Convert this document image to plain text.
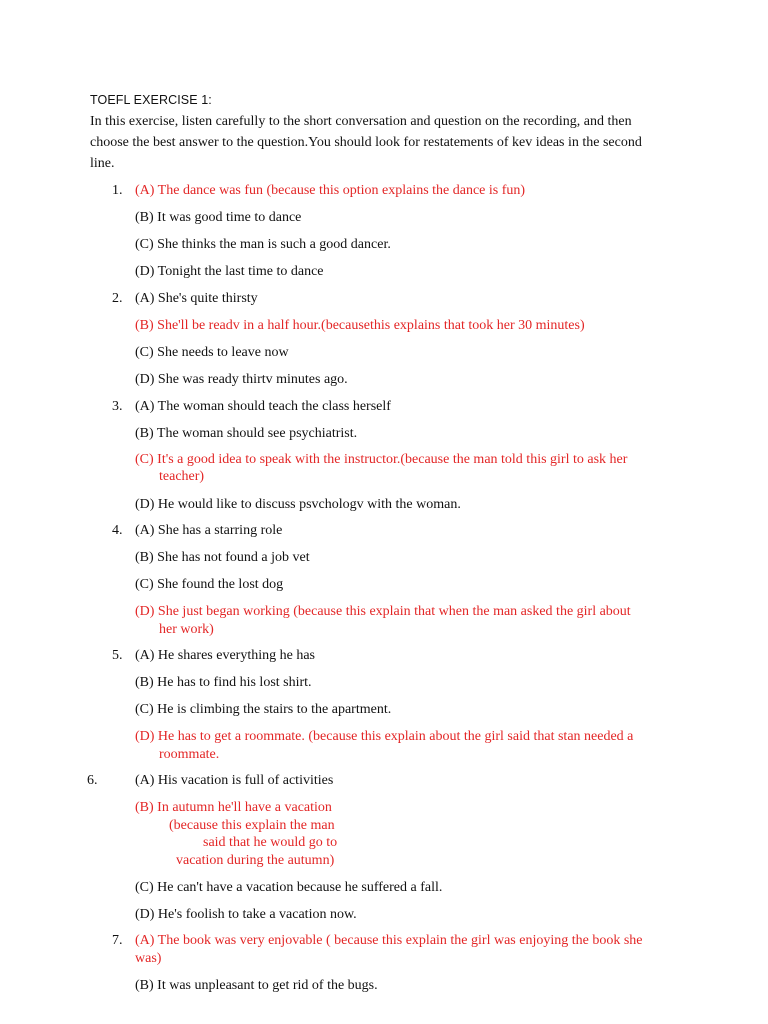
TOEFL EXERCISE 1:
In this exercise, listen carefully to the short conversation and question on the recording, and then
choose the best answer to the question.You should look for restatements of kev ideas in the second
line.
1. (A) The dance was fun (because this option explains the dance is fun)
(B) It was good time to dance
(C) She thinks the man is such a good dancer.
(D) Tonight the last time to dance
2. (A) She's quite thirsty
(B) She'll be readv in a half hour.(becausethis explains that took her 30 minutes)
(C) She needs to leave now
(D) She was ready thirtv minutes ago.
3. (A) The woman should teach the class herself
(B) The woman should see psychiatrist.
(C) It's a good idea to speak with the instructor.(because the man told this girl to ask her
teacher)
(D) He would like to discuss psvchologv with the woman.
4. (A) She has a starring role
(B) She has not found a job vet
(C) She found the lost dog
(D) She just began working (because this explain that when the man asked the girl about
her work)
5. (A) He shares everything he has
(B) He has to find his lost shirt.
(C) He is climbing the stairs to the apartment.
(D) He has to get a roommate. (because this explain about the girl said that stan needed a
roommate.
6.	(A) His vacation is full of activities
(B) In autumn he'll have a vacation
(because this explain the man
said that he would go to
vacation during the autumn)
(C) He can't have a vacation because he suffered a fall.
(D) He's foolish to take a vacation now.
7. (A) The book was very enjovable ( because this explain the girl was enjoying the book she
was)
(B) It was unpleasant to get rid of the bugs.
